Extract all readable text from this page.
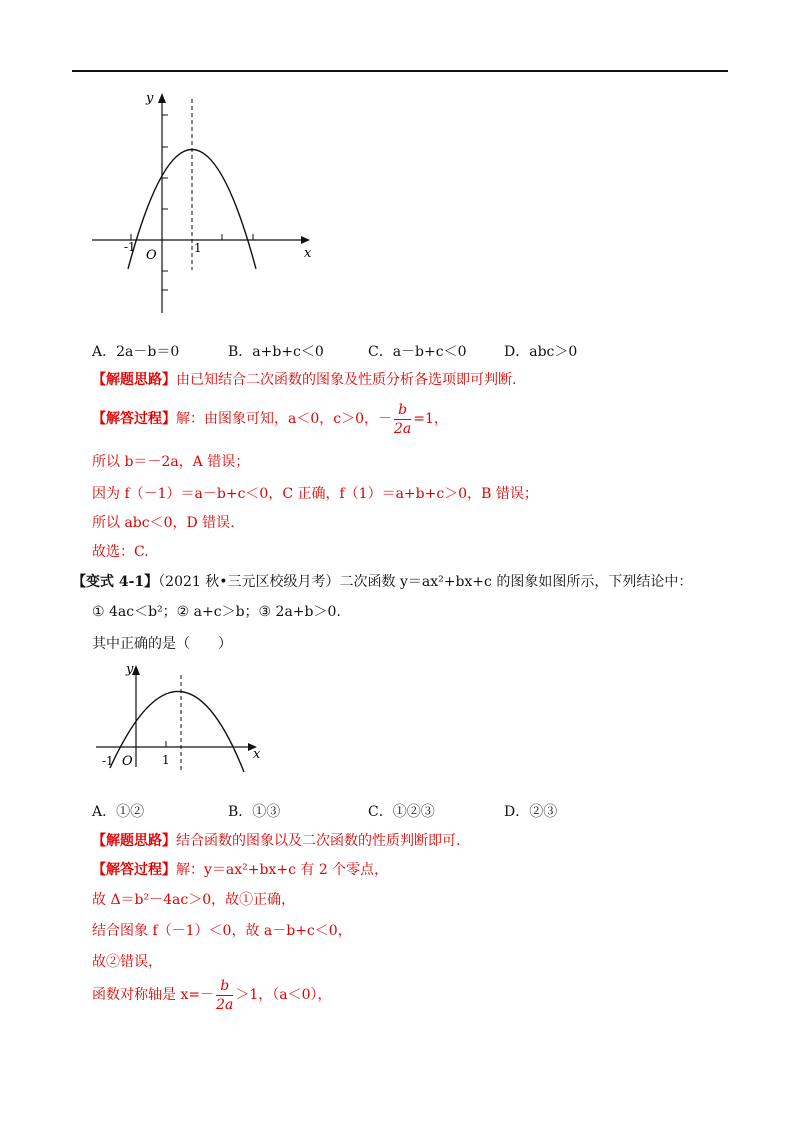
y
x
O
-1	1
A．2a－b＝0	B．a+b+c＜0	C．a－b+c＜0	D．abc＞0
【解题思路】由已知结合二次函数的图象及性质分析各选项即可判断.
【解答过程】解：由图象可知，a＜0，c＞0，－ $\frac{b}{2a} =1$，
所以 b＝－2a，A 错误；
因为 f（－1）＝a－b+c＜0，C 正确，f（1）＝a+b+c＞0，B 错误；
所以 abc＜0，D 错误.
故选：C.
【变式 4-1】（2021 秋•三元区校级月考）二次函数 y＝ax²+bx+c 的图象如图所示，下列结论中：
① 4ac＜b²；② a+c＞b；③ 2a+b＞0.
其中正确的是（　　）
y
x
O
-1	1
A．①②	B．①③	C．①②③	D．②③
【解题思路】结合函数的图象以及二次函数的性质判断即可.
【解答过程】解：y＝ax²+bx+c 有 2 个零点，
故 Δ＝b²－4ac＞0，故①正确，
结合图象 f（－1）＜0，故 a－b+c＜0，
故②错误，
函数对称轴是 $x=- \frac{b}{2a} >1$，（a＜0），
